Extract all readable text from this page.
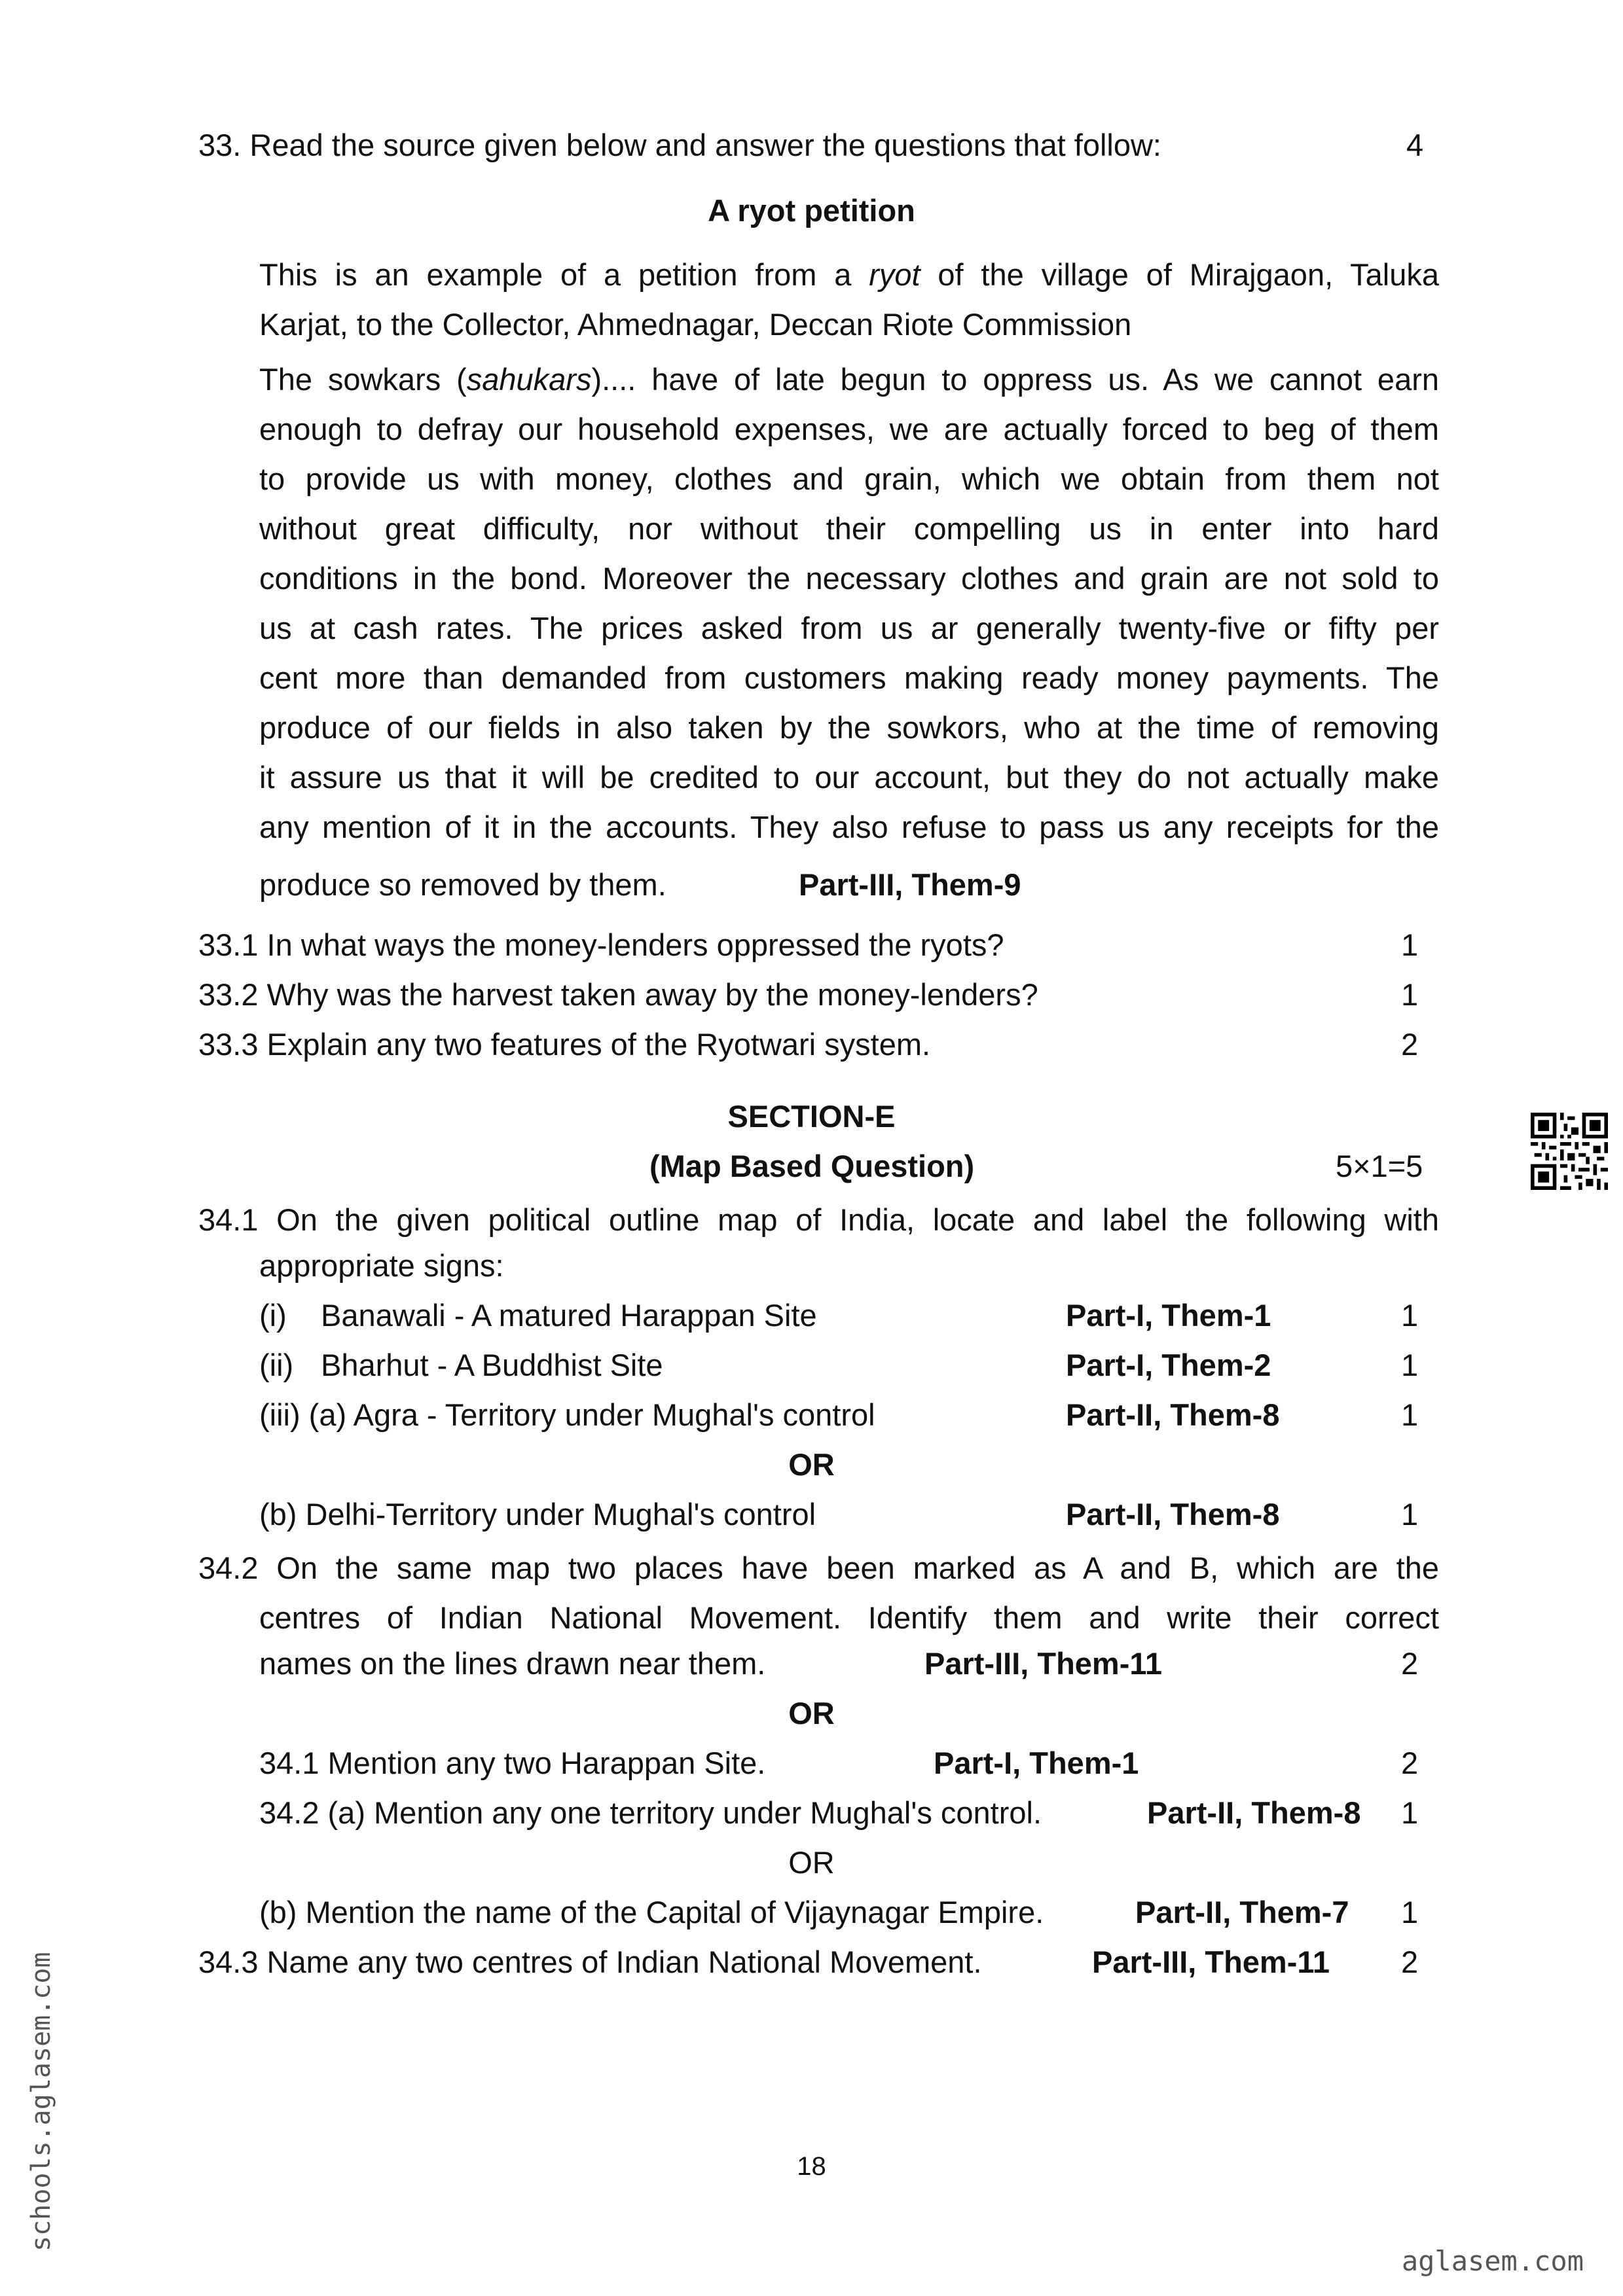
33. Read the source given below and answer the questions that follow:	4
A ryot petition
This is an example of a petition from a ryot of the village of Mirajgaon, Taluka
Karjat, to the Collector, Ahmednagar, Deccan Riote Commission
The sowkars (sahukars).... have of late begun to oppress us. As we cannot earn
enough to defray our household expenses, we are actually forced to beg of them
to provide us with money, clothes and grain, which we obtain from them not
without great difficulty, nor without their compelling us in enter into hard
conditions in the bond. Moreover the necessary clothes and grain are not sold to
us at cash rates. The prices asked from us ar generally twenty-five or fifty per
cent more than demanded from customers making ready money payments. The
produce of our fields in also taken by the sowkors, who at the time of removing
it assure us that it will be credited to our account, but they do not actually make
any mention of it in the accounts. They also refuse to pass us any receipts for the
produce so removed by them.	Part-III, Them-9
33.1 In what ways the money-lenders oppressed the ryots?	1
33.2 Why was the harvest taken away by the money-lenders?	1
33.3 Explain any two features of the Ryotwari system.	2
SECTION-E
(Map Based Question)	5×1=5
34.1 On the given political outline map of India, locate and label the following with
appropriate signs:
(i) Banawali - A matured Harappan Site	Part-I, Them-1	1
(ii) Bharhut - A Buddhist Site	Part-I, Them-2	1
(iii) (a) Agra - Territory under Mughal's control	Part-II, Them-8	1
OR
(b) Delhi-Territory under Mughal's control	Part-II, Them-8	1
34.2 On the same map two places have been marked as A and B, which are the
centres of Indian National Movement. Identify them and write their correct
names on the lines drawn near them.	Part-III, Them-11	2
OR
34.1 Mention any two Harappan Site.	Part-I, Them-1	2
34.2 (a) Mention any one territory under Mughal's control.	Part-II, Them-8 1
OR
(b) Mention the name of the Capital of Vijaynagar Empire.	Part-II, Them-7 1
34.3 Name any two centres of Indian National Movement.	Part-III, Them-11 2
18
schools.aglasem.com
aglasem.com
